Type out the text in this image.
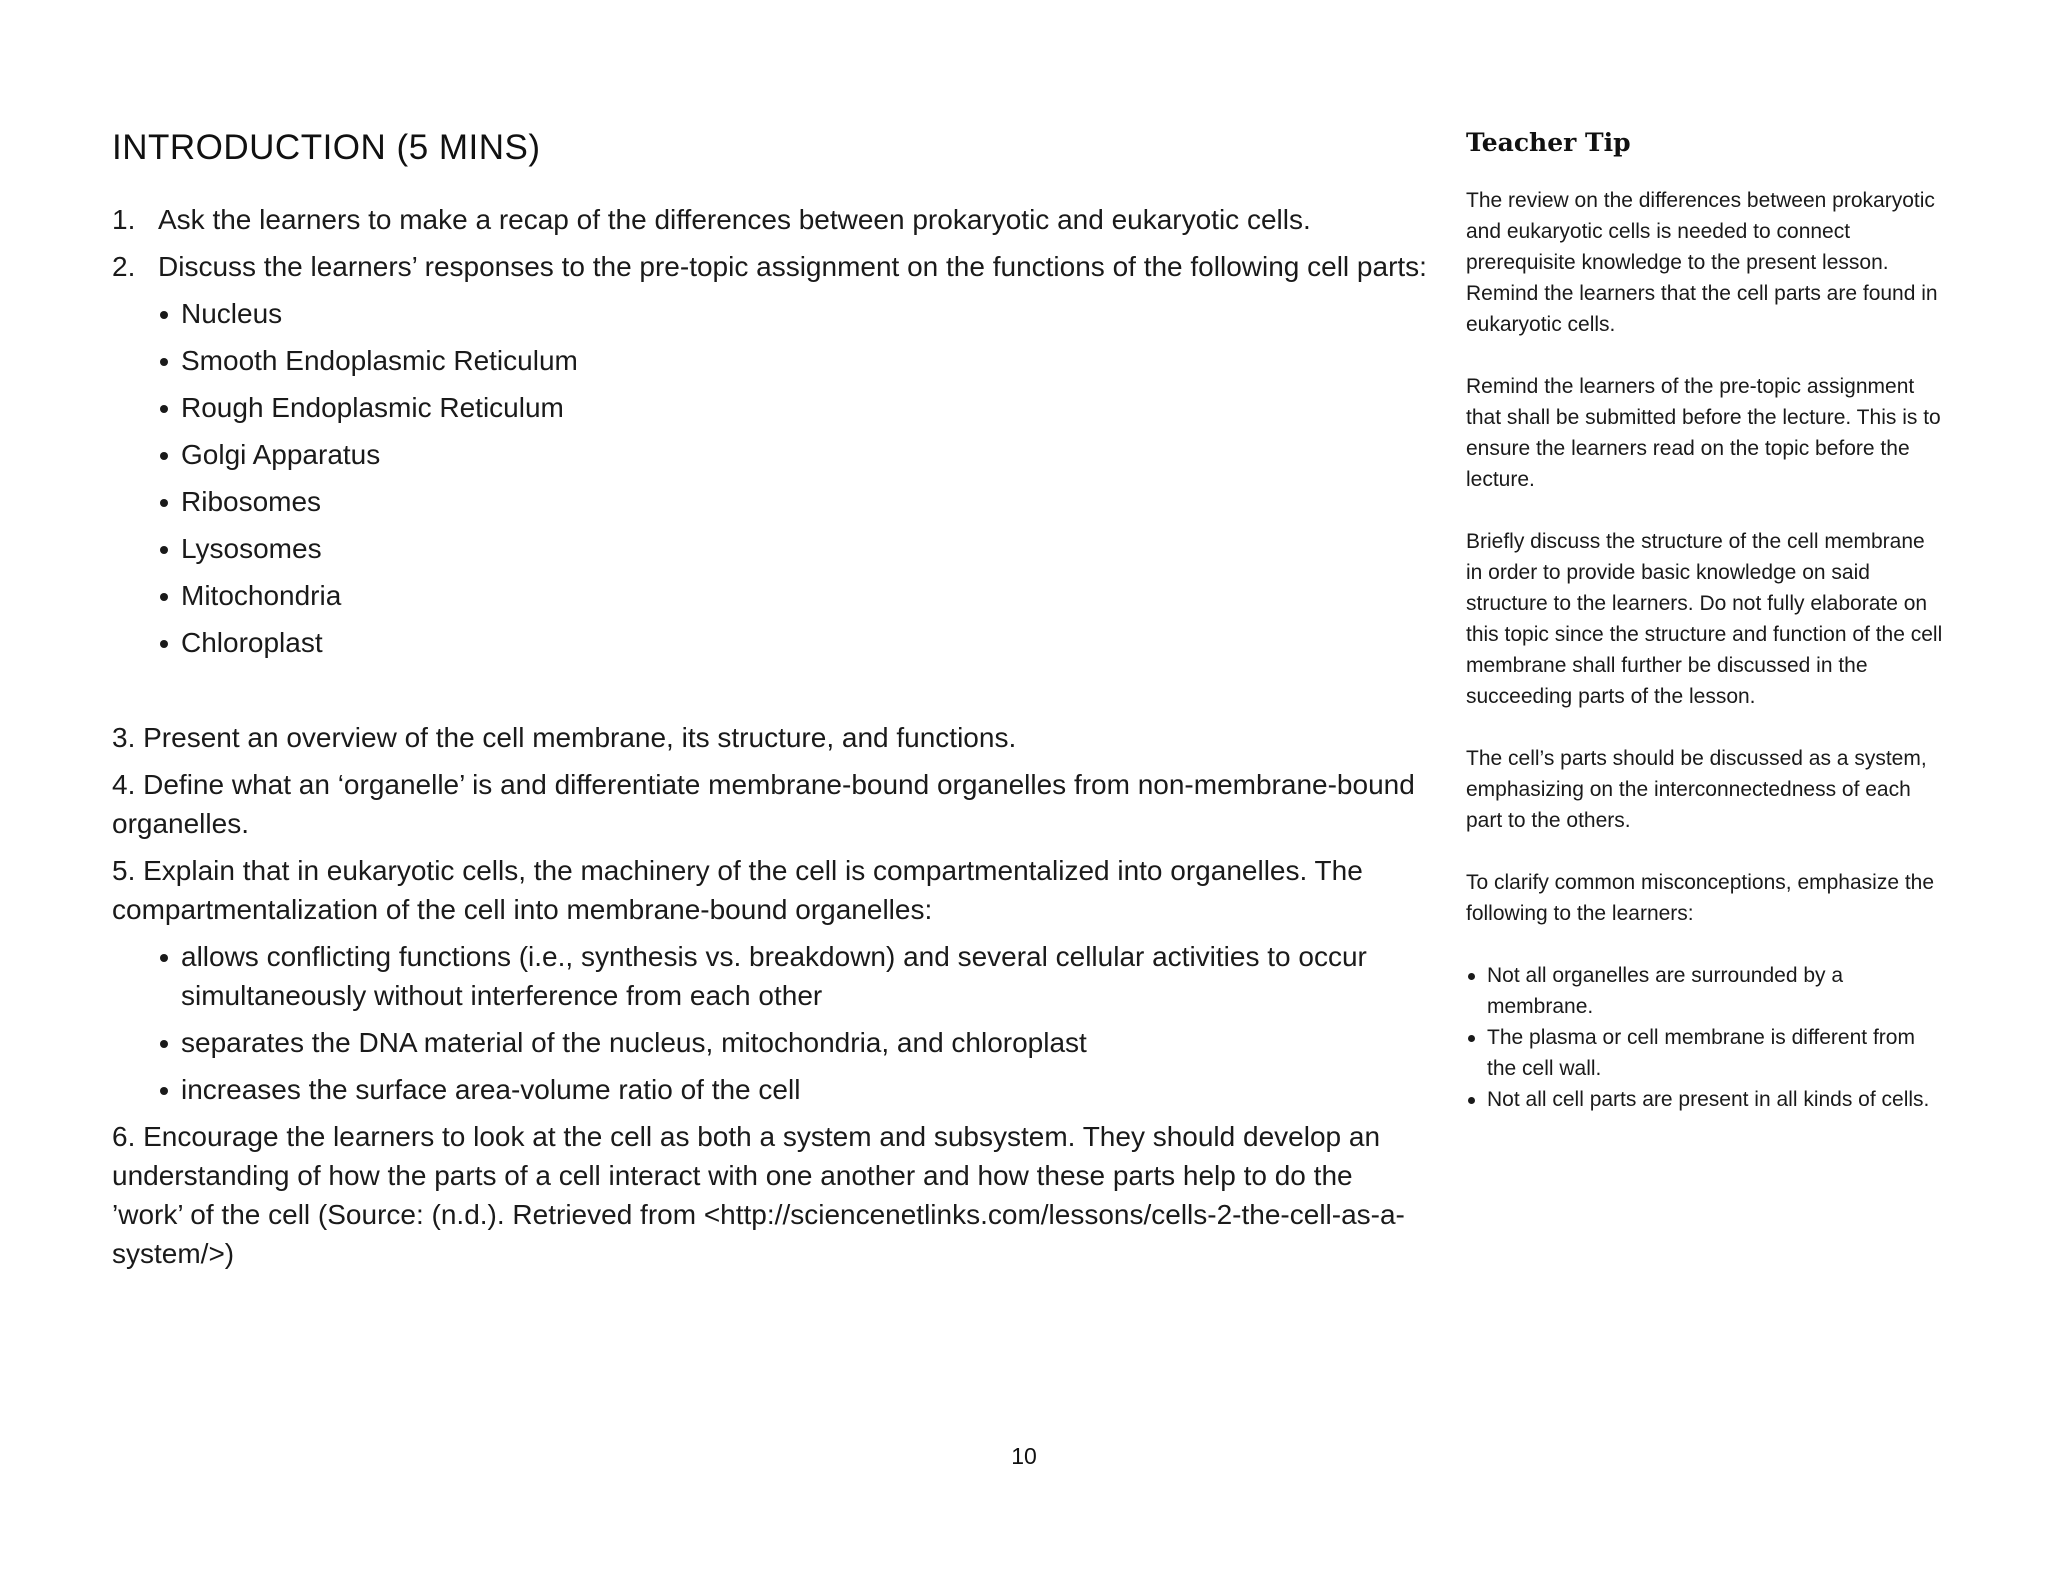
INTRODUCTION (5 MINS)
1. Ask the learners to make a recap of the differences between prokaryotic and eukaryotic cells.
2. Discuss the learners’ responses to the pre-topic assignment on the functions of the following cell parts:
Nucleus
Smooth Endoplasmic Reticulum
Rough Endoplasmic Reticulum
Golgi Apparatus
Ribosomes
Lysosomes
Mitochondria
Chloroplast

3. Present an overview of the cell membrane, its structure, and functions.

4. Define what an ‘organelle’ is and differentiate membrane-bound organelles from non-membrane-bound organelles.

5. Explain that in eukaryotic cells, the machinery of the cell is compartmentalized into organelles. The compartmentalization of the cell into membrane-bound organelles:

allows conflicting functions (i.e., synthesis vs. breakdown) and several cellular activities to occur simultaneously without interference from each other
separates the DNA material of the nucleus, mitochondria, and chloroplast
increases the surface area-volume ratio of the cell

6. Encourage the learners to look at the cell as both a system and subsystem. They should develop an understanding of how the parts of a cell interact with one another and how these parts help to do the ’work’ of the cell (Source: (n.d.). Retrieved from <http://sciencenetlinks.com/lessons/cells-2-the-cell-as-a-system/>)

Teacher Tip

The review on the differences between prokaryotic and eukaryotic cells is needed to connect prerequisite knowledge to the present lesson. Remind the learners that the cell parts are found in eukaryotic cells.

Remind the learners of the pre-topic assignment that shall be submitted before the lecture. This is to ensure the learners read on the topic before the lecture.

Briefly discuss the structure of the cell membrane in order to provide basic knowledge on said structure to the learners. Do not fully elaborate on this topic since the structure and function of the cell membrane shall further be discussed in the succeeding parts of the lesson.

The cell’s parts should be discussed as a system, emphasizing on the interconnectedness of each part to the others.

To clarify common misconceptions, emphasize the following to the learners:

Not all organelles are surrounded by a membrane.
The plasma or cell membrane is different from the cell wall.
Not all cell parts are present in all kinds of cells.
10
